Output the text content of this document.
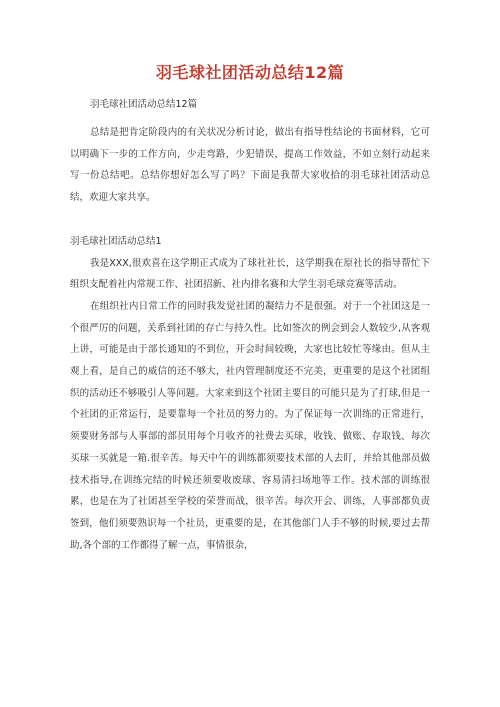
羽毛球社团活动总结12篇

羽毛球社团活动总结12篇

总结是把肯定阶段内的有关状况分析讨论，做出有指导性结论的书面材料，它可以明确下一步的工作方向，少走弯路，少犯错误，提高工作效益，不如立刻行动起来写一份总结吧。总结你想好怎么写了吗？下面是我帮大家收拾的羽毛球社团活动总结，欢迎大家共享。

羽毛球社团活动总结1

我是XXX,很欢喜在这学期正式成为了球社社长，这学期我在原社长的指导帮忙下组织支配着社内常规工作、社团招新、社内排名赛和大学生羽毛球竞赛等活动。

在组织社内日常工作的同时我发觉社团的凝结力不是很强。对于一个社团这是一个很严厉的问题，关系到社团的存亡与持久性。比如签次的例会到会人数较少,从客观上讲，可能是由于部长通知的不到位，开会时间较晚，大家也比较忙等缘由。但从主观上看，是自己的威信的还不够大，社内管理制度还不完美，更重要的是这个社团组织的活动还不够吸引人等问题。大家来到这个社团主要目的可能只是为了打球,但是一个社团的正常运行，是要靠每一个社员的努力的。为了保证每一次训练的正常进行，须要财务部与人事部的部员用每个月收齐的社费去买球，收钱、做账、存取钱、每次买球一买就是一箱.很辛苦。每天中午的训练都须要技术部的人去盯，并给其他部员做技术指导,在训练完结的时候还须要收废球、容易清扫场地等工作。技术部的训练很累，也是在为了社团甚至学校的荣誉而战，很辛苦。每次开会、训练，人事部都负责签到，他们须要熟识每一个社员，更重要的是，在其他部门人手不够的时候,要过去帮助,各个部的工作都得了解一点，事情很杂，
